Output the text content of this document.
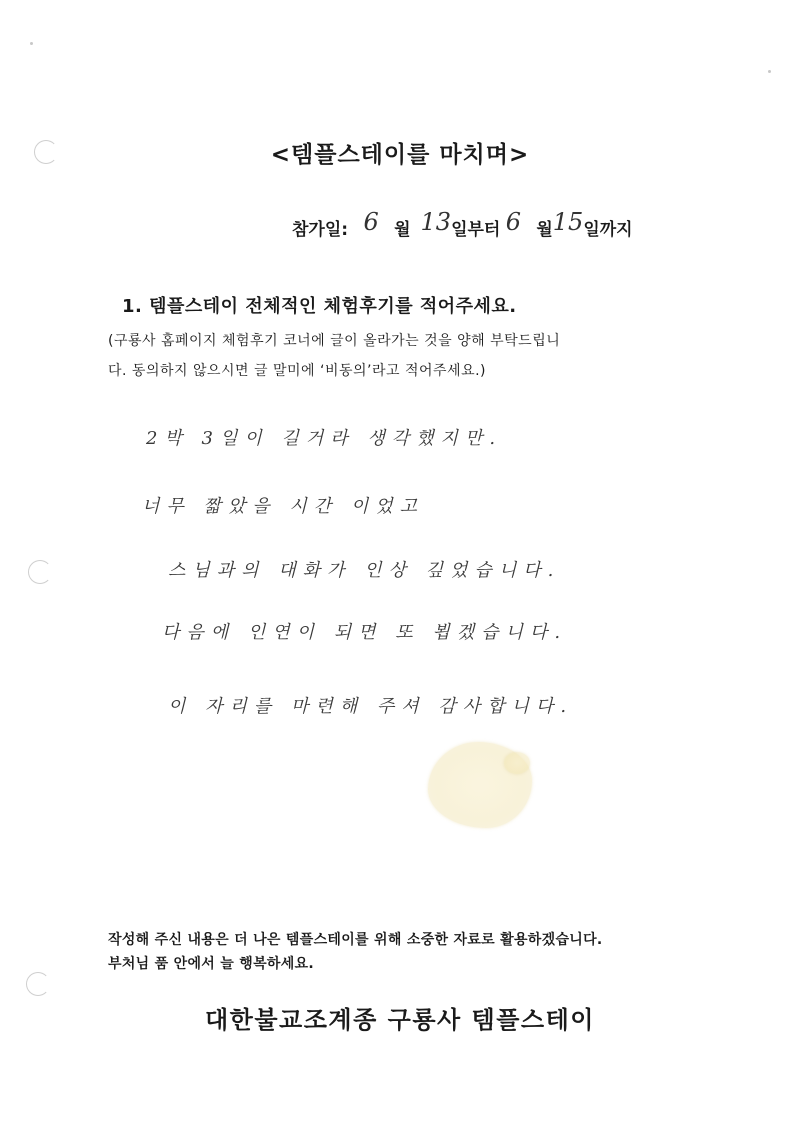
<템플스테이를 마치며>
참가일: 6 월 13 일부터 6 월 15 일까지
1. 템플스테이 전체적인 체험후기를 적어주세요.
(구룡사 홈페이지 체험후기 코너에 글이 올라가는 것을 양해 부탁드립니
다. 동의하지 않으시면 글 말미에 ‘비동의’라고 적어주세요.)
2박 3일이 길거라 생각했지만.
너무 짧았을 시간 이었고
스님과의 대화가 인상 깊었습니다.
다음에 인연이 되면 또 뵙겠습니다.
이 자리를 마련해 주셔 감사합니다.
작성해 주신 내용은 더 나은 템플스테이를 위해 소중한 자료로 활용하겠습니다.
부처님 품 안에서 늘 행복하세요.
대한불교조계종 구룡사 템플스테이
